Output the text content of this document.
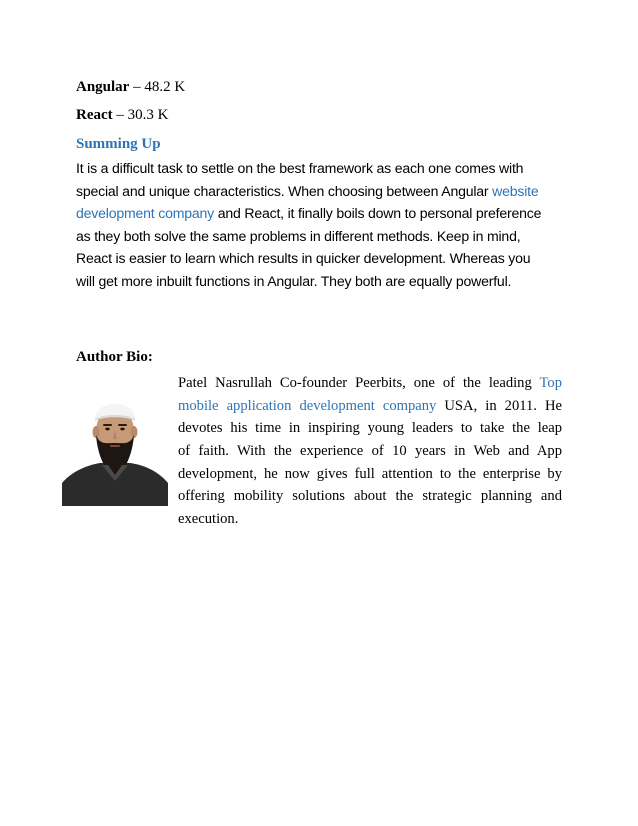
Angular – 48.2 K
React – 30.3 K
Summing Up
It is a difficult task to settle on the best framework as each one comes with
special and unique characteristics. When choosing between Angular website
development company and React, it finally boils down to personal preference
as they both solve the same problems in different methods. Keep in mind,
React is easier to learn which results in quicker development. Whereas you
will get more inbuilt functions in Angular. They both are equally powerful.
Author Bio:
Patel Nasrullah Co-founder Peerbits, one of the leading Top
mobile application development company USA, in 2011. He
devotes his time in inspiring young leaders to take the leap
of faith. With the experience of 10 years in Web and App
development, he now gives full attention to the enterprise by
offering mobility solutions about the strategic planning and
execution.
